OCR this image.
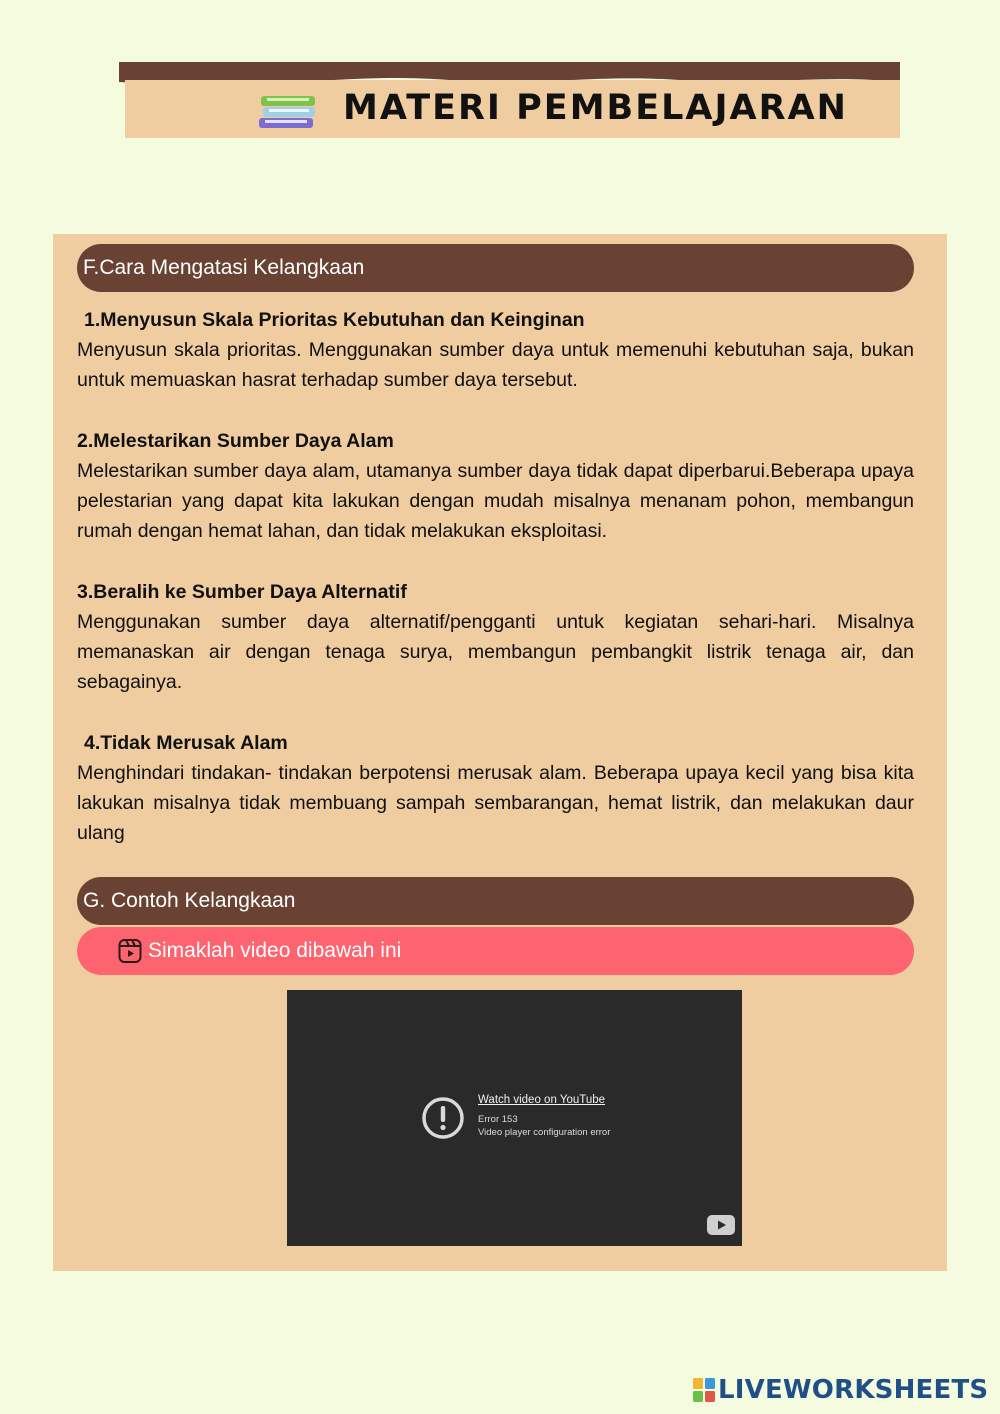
MATERI PEMBELAJARAN
F.Cara Mengatasi Kelangkaan
1.Menyusun Skala Prioritas Kebutuhan dan Keinginan
Menyusun skala prioritas. Menggunakan sumber daya untuk memenuhi kebutuhan saja, bukan untuk memuaskan hasrat terhadap sumber daya tersebut.
2.Melestarikan Sumber Daya Alam
Melestarikan sumber daya alam, utamanya sumber daya tidak dapat diperbarui.Beberapa upaya pelestarian yang dapat kita lakukan dengan mudah misalnya menanam pohon, membangun rumah dengan hemat lahan, dan tidak melakukan eksploitasi.
3.Beralih ke Sumber Daya Alternatif
Menggunakan sumber daya alternatif/pengganti untuk kegiatan sehari-hari. Misalnya memanaskan air dengan tenaga surya, membangun pembangkit listrik tenaga air, dan sebagainya.
4.Tidak Merusak Alam
Menghindari tindakan- tindakan berpotensi merusak alam. Beberapa upaya kecil yang bisa kita lakukan misalnya tidak membuang sampah sembarangan, hemat listrik, dan melakukan daur ulang
G. Contoh Kelangkaan
Simaklah video dibawah ini
Watch video on YouTube
Error 153
Video player configuration error
LIVEWORKSHEETS
